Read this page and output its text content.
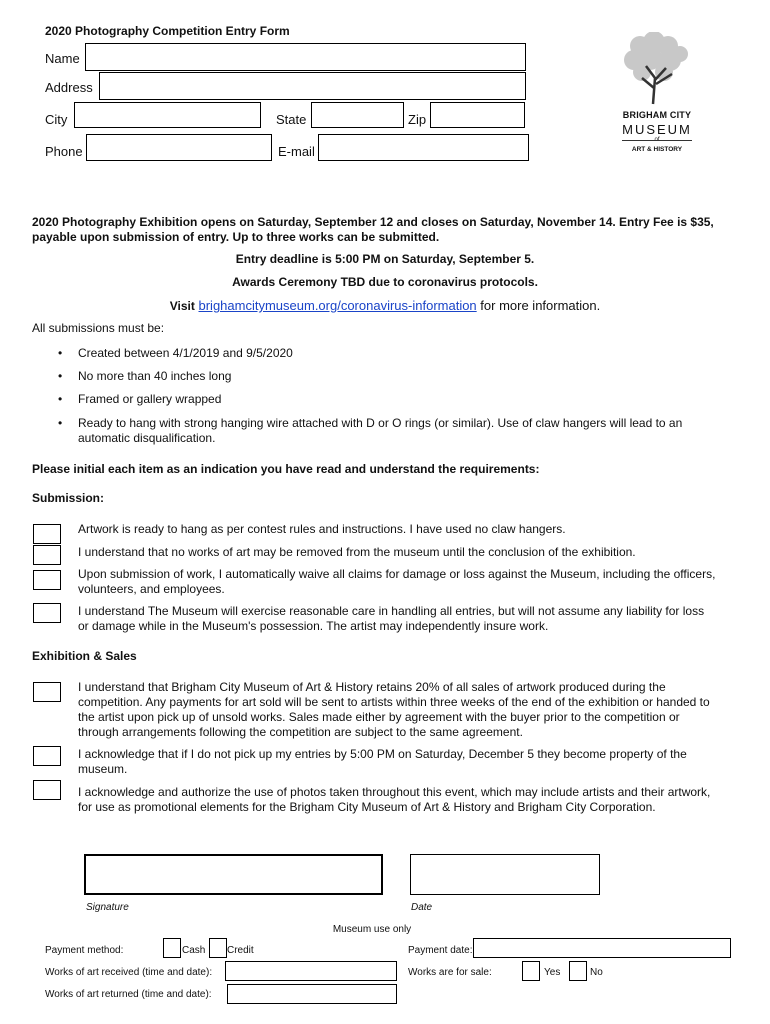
2020 Photography Competition Entry Form
Name
Address
City	State	Zip
Phone	E-mail
BRIGHAM CITY
MUSEUM
of
ART & HISTORY
2020 Photography Exhibition opens on Saturday, September 12 and closes on Saturday, November 14. Entry Fee is $35, payable upon submission of entry. Up to three works can be submitted.
Entry deadline is 5:00 PM on Saturday, September 5.
Awards Ceremony TBD due to coronavirus protocols.
Visit brighamcitymuseum.org/coronavirus-information for more information.
All submissions must be:
• Created between 4/1/2019 and 9/5/2020
• No more than 40 inches long
• Framed or gallery wrapped
• Ready to hang with strong hanging wire attached with D or O rings (or similar). Use of claw hangers will lead to an automatic disqualification.
Please initial each item as an indication you have read and understand the requirements:
Submission:
Artwork is ready to hang as per contest rules and instructions. I have used no claw hangers.
I understand that no works of art may be removed from the museum until the conclusion of the exhibition.
Upon submission of work, I automatically waive all claims for damage or loss against the Museum, including the officers, volunteers, and employees.
I understand The Museum will exercise reasonable care in handling all entries, but will not assume any liability for loss or damage while in the Museum's possession. The artist may independently insure work.
Exhibition & Sales
I understand that Brigham City Museum of Art & History retains 20% of all sales of artwork produced during the competition. Any payments for art sold will be sent to artists within three weeks of the end of the exhibition or handed to the artist upon pick up of unsold works. Sales made either by agreement with the buyer prior to the competition or through arrangements following the competition are subject to the same agreement.
I acknowledge that if I do not pick up my entries by 5:00 PM on Saturday, December 5 they become property of the museum.
I acknowledge and authorize the use of photos taken throughout this event, which may include artists and their artwork, for use as promotional elements for the Brigham City Museum of Art & History and Brigham City Corporation.
Signature	Date
Museum use only
Payment method:	Cash Credit	Payment date:
Works of art received (time and date):	Works are for sale:	Yes	No
Works of art returned (time and date):
